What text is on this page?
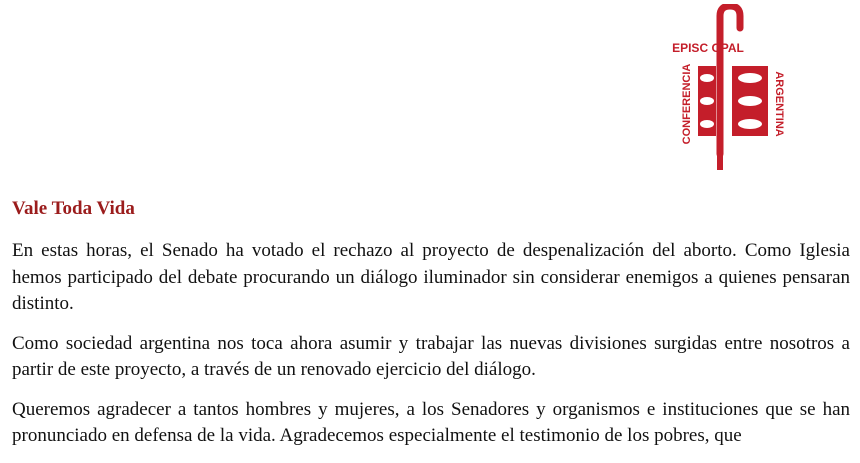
EPISC OPAL
CONFERENCIA	ARGENTINA
Vale Toda Vida

En estas horas, el Senado ha votado el rechazo al proyecto de despenalización del aborto. Como Iglesia hemos participado del debate procurando un diálogo iluminador sin considerar enemigos a quienes pensaran distinto.

Como sociedad argentina nos toca ahora asumir y trabajar las nuevas divisiones surgidas entre nosotros a partir de este proyecto, a través de un renovado ejercicio del diálogo.

Queremos agradecer a tantos hombres y mujeres, a los Senadores y organismos e instituciones que se han pronunciado en defensa de la vida. Agradecemos especialmente el testimonio de los pobres, que
